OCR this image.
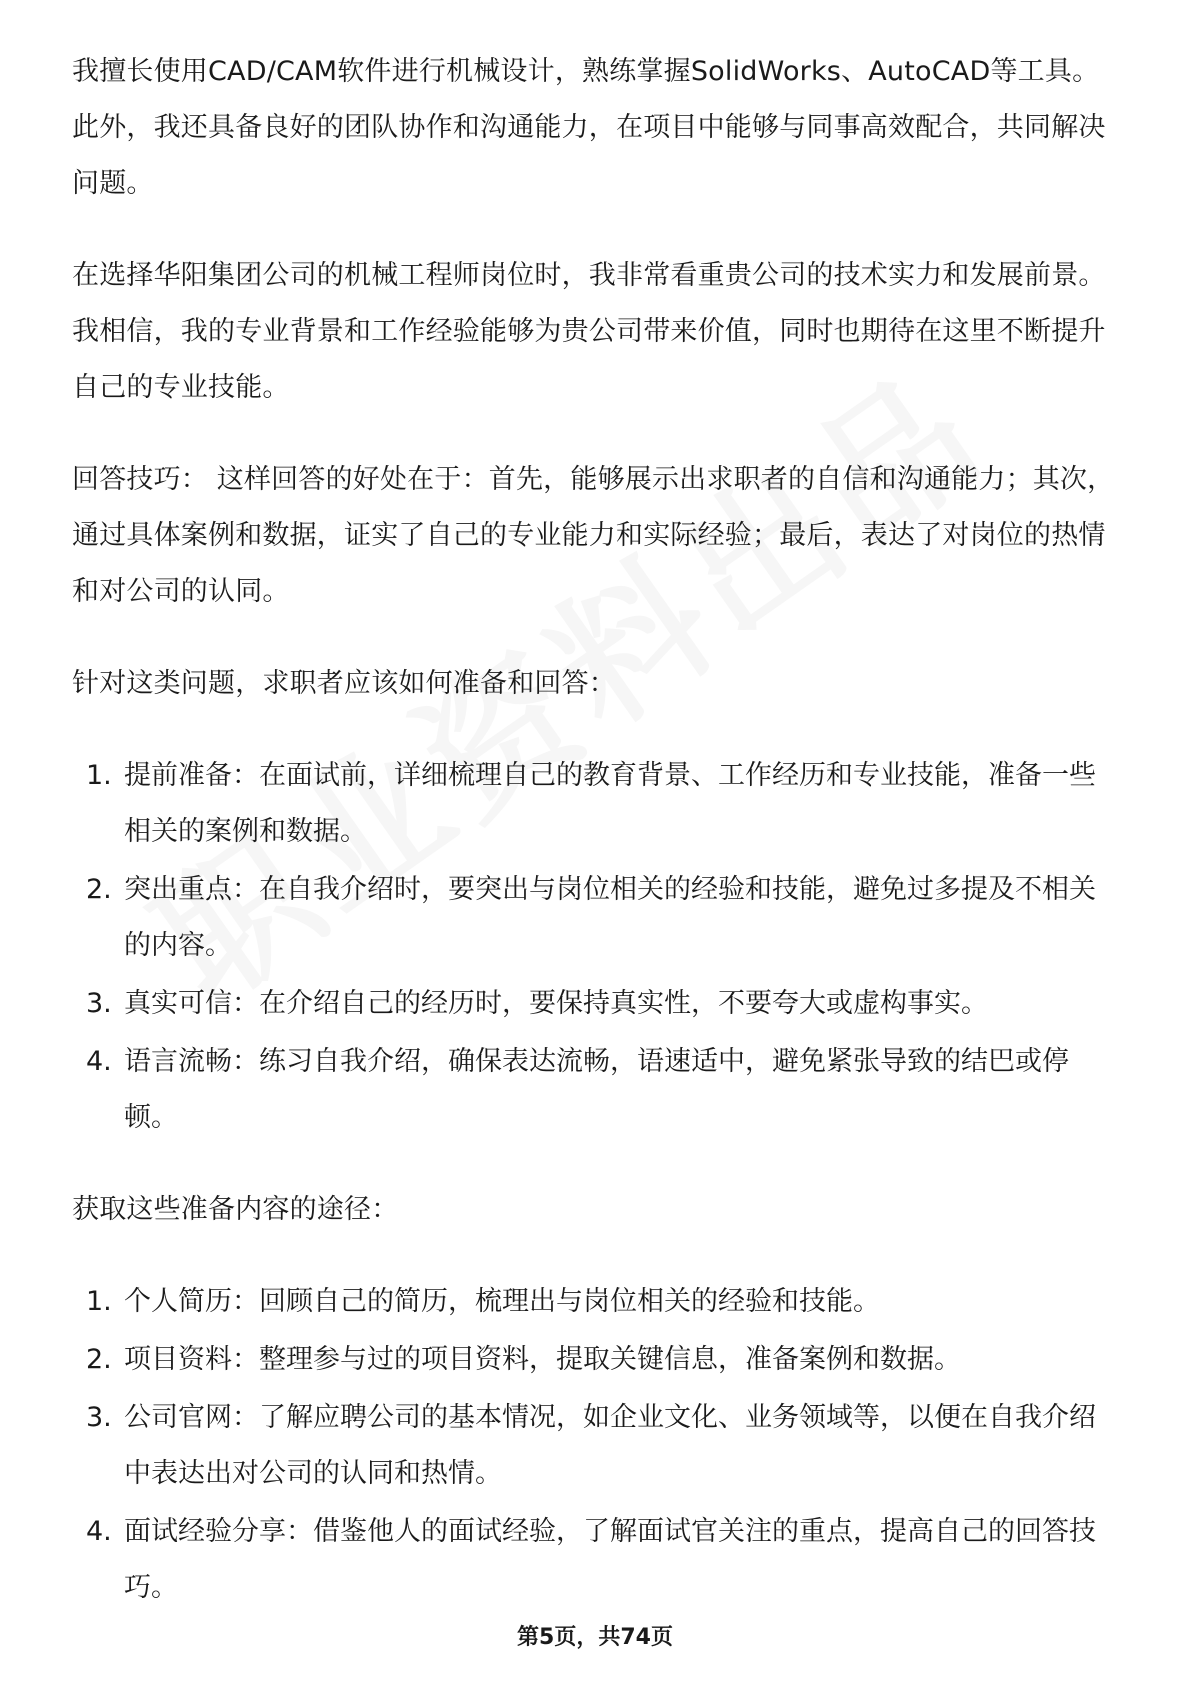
我擅长使用CAD/CAM软件进行机械设计，熟练掌握SolidWorks、AutoCAD等工具。此外，我还具备良好的团队协作和沟通能力，在项目中能够与同事高效配合，共同解决问题。

在选择华阳集团公司的机械工程师岗位时，我非常看重贵公司的技术实力和发展前景。我相信，我的专业背景和工作经验能够为贵公司带来价值，同时也期待在这里不断提升自己的专业技能。

回答技巧： 这样回答的好处在于：首先，能够展示出求职者的自信和沟通能力；其次，通过具体案例和数据，证实了自己的专业能力和实际经验；最后，表达了对岗位的热情和对公司的认同。

针对这类问题，求职者应该如何准备和回答：

1. 提前准备：在面试前，详细梳理自己的教育背景、工作经历和专业技能，准备一些相关的案例和数据。
2. 突出重点：在自我介绍时，要突出与岗位相关的经验和技能，避免过多提及不相关的内容。
3. 真实可信：在介绍自己的经历时，要保持真实性，不要夸大或虚构事实。
4. 语言流畅：练习自我介绍，确保表达流畅，语速适中，避免紧张导致的结巴或停顿。

获取这些准备内容的途径：

1. 个人简历：回顾自己的简历，梳理出与岗位相关的经验和技能。
2. 项目资料：整理参与过的项目资料，提取关键信息，准备案例和数据。
3. 公司官网：了解应聘公司的基本情况，如企业文化、业务领域等，以便在自我介绍中表达出对公司的认同和热情。
4. 面试经验分享：借鉴他人的面试经验，了解面试官关注的重点，提高自己的回答技巧。
第5页，共74页
